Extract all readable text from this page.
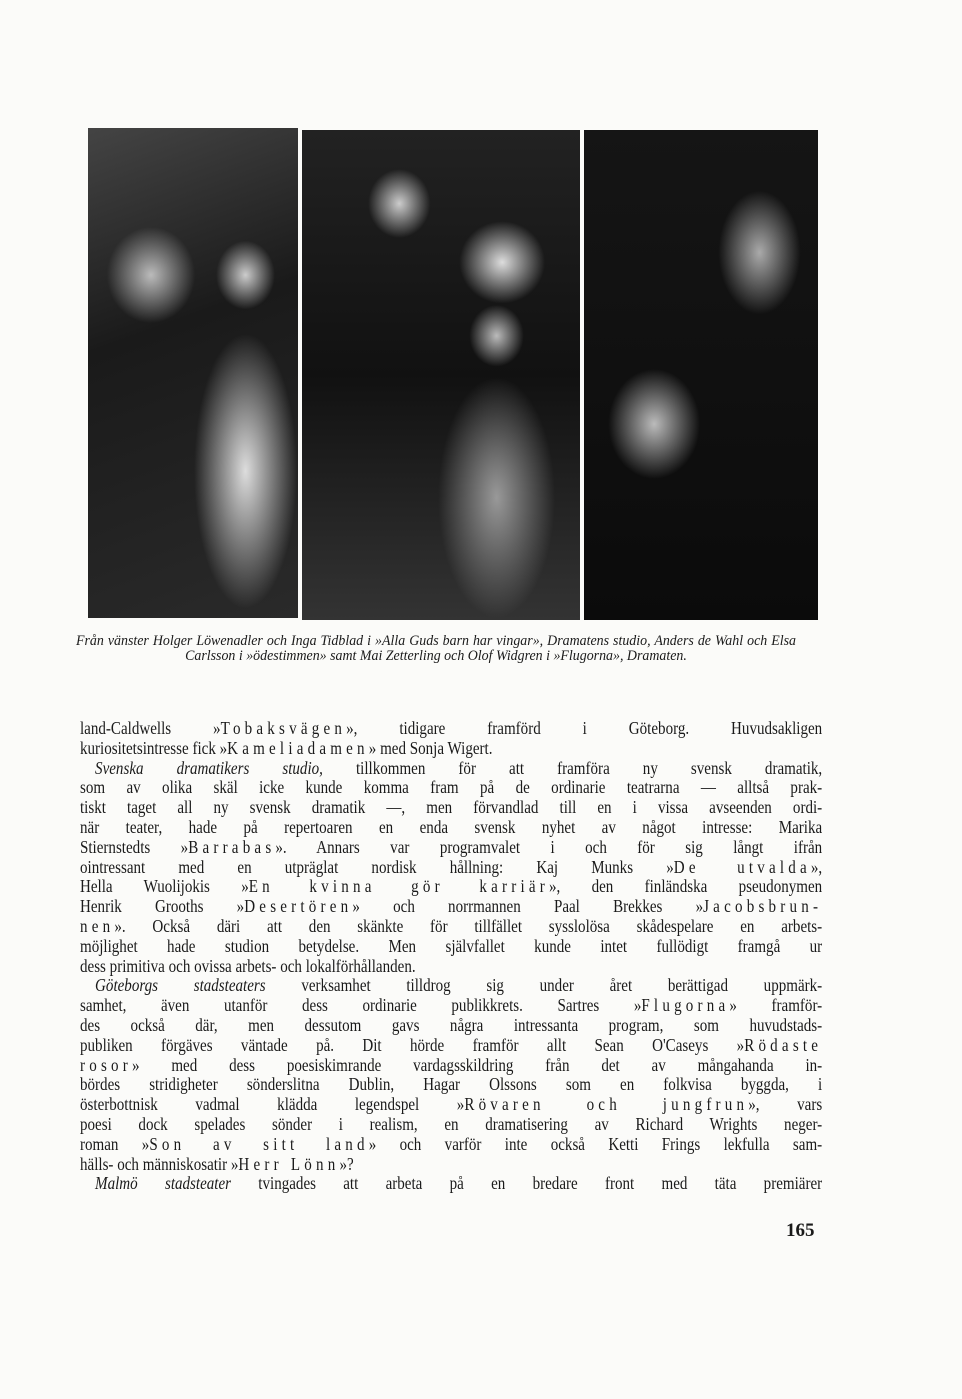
Från vänster Holger Löwenadler och Inga Tidblad i »Alla Guds barn har vingar», Dramatens studio, Anders de Wahl och Elsa Carlsson i »ödestimmen» samt Mai Zetterling och Olof Widgren i »Flugorna», Dramaten.
land-Caldwells »Tobaksvägen», tidigare framförd i Göteborg. Huvudsakligen
kuriositetsintresse fick »Kameliadamen» med Sonja Wigert.
 Svenska dramatikers studio, tillkommen för att framföra ny svensk dramatik,
som av olika skäl icke kunde komma fram på de ordinarie teatrarna — alltså prak-
tiskt taget all ny svensk dramatik —, men förvandlad till en i vissa avseenden ordi-
när teater, hade på repertoaren en enda svensk nyhet av något intresse: Marika
Stiernstedts »Barrabas». Annars var programvalet i och för sig långt ifrån
ointressant med en utpräglat nordisk hållning: Kaj Munks »De utvalda»,
Hella Wuolijokis »En kvinna gör karriär», den finländska pseudonymen
Henrik Grooths »Desertören» och norrmannen Paal Brekkes »Jacobsbrun-
nen». Också däri att den skänkte för tillfället sysslolösa skådespelare en arbets-
möjlighet hade studion betydelse. Men självfallet kunde intet fullödigt framgå ur
dess primitiva och ovissa arbets- och lokalförhållanden.
 Göteborgs stadsteaters verksamhet tilldrog sig under året berättigad uppmärk-
samhet, även utanför dess ordinarie publikkrets. Sartres »Flugorna» framför-
des också där, men dessutom gavs några intressanta program, som huvudstads-
publiken förgäves väntade på. Dit hörde framför allt Sean O'Caseys »Rödaste
rosor» med dess poesiskimrande vardagsskildring från det av mångahanda in-
bördes stridigheter sönderslitna Dublin, Hagar Olssons som en folkvisa byggda, i
österbottnisk vadmal klädda legendspel »Rövaren och jungfrun», vars
poesi dock spelades sönder i realism, en dramatisering av Richard Wrights neger-
roman »Son av sitt land» och varför inte också Ketti Frings lekfulla sam-
hälls- och människosatir »Herr Lönn»?
 Malmö stadsteater tvingades att arbeta på en bredare front med täta premiärer
165
